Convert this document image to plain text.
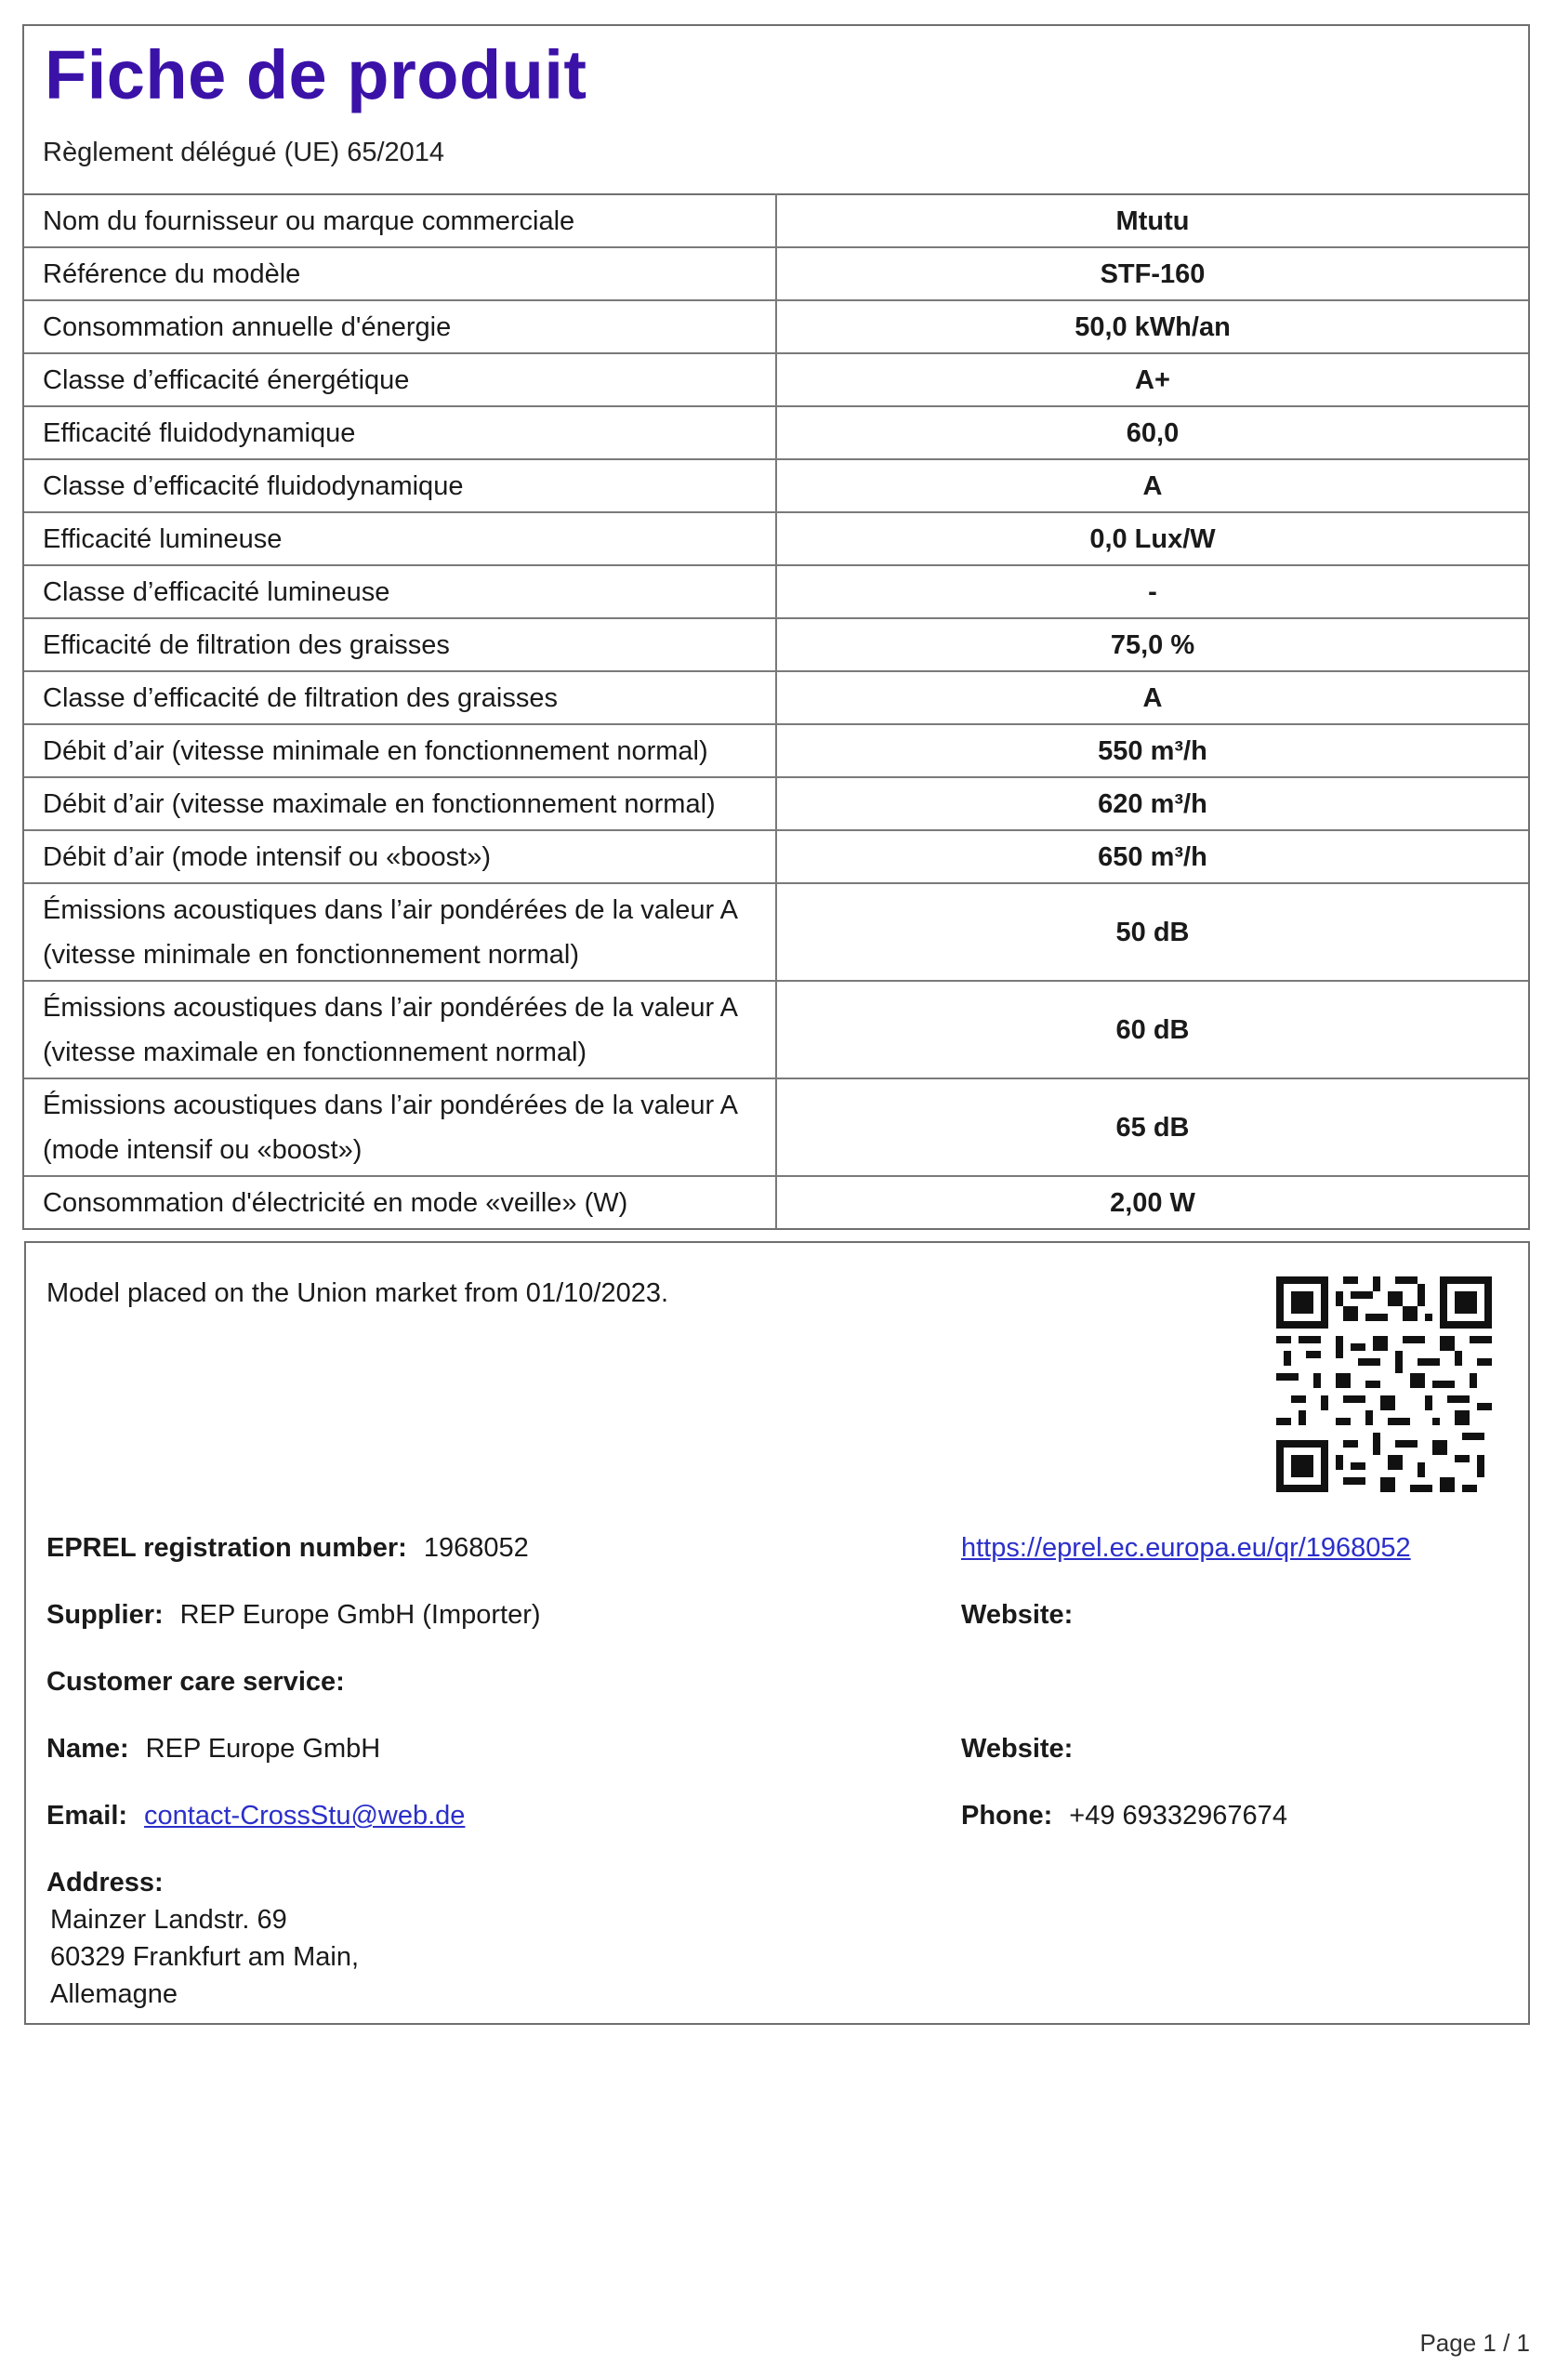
Fiche de produit
Règlement délégué (UE) 65/2014
Nom du fournisseur ou marque commerciale	Mtutu
Référence du modèle	STF-160
Consommation annuelle d'énergie	50,0 kWh/an
Classe d’efficacité énergétique	A+
Efficacité fluidodynamique	60,0
Classe d’efficacité fluidodynamique	A
Efficacité lumineuse	0,0 Lux/W
Classe d’efficacité lumineuse	-
Efficacité de filtration des graisses	75,0 %
Classe d’efficacité de filtration des graisses	A
Débit d’air (vitesse minimale en fonctionnement normal)	550 m³/h
Débit d’air (vitesse maximale en fonctionnement normal)	620 m³/h
Débit d’air (mode intensif ou «boost»)	650 m³/h

Émissions acoustiques dans l’air pondérées de la valeur A
(vitesse minimale en fonctionnement normal)	50 dB

Émissions acoustiques dans l’air pondérées de la valeur A
(vitesse maximale en fonctionnement normal)	60 dB

Émissions acoustiques dans l’air pondérées de la valeur A
(mode intensif ou «boost»)	65 dB
Consommation d'électricité en mode «veille» (W)	2,00 W
Model placed on the Union market from 01/10/2023.
EPREL registration number: 1968052	https://eprel.ec.europa.eu/qr/1968052
Supplier: REP Europe GmbH (Importer)	Website:
Customer care service:
Name: REP Europe GmbH	Website:
Email: contact-CrossStu@web.de	Phone: +49 69332967674
Address:
Mainzer Landstr. 69
60329 Frankfurt am Main,
Allemagne
Page 1 / 1
